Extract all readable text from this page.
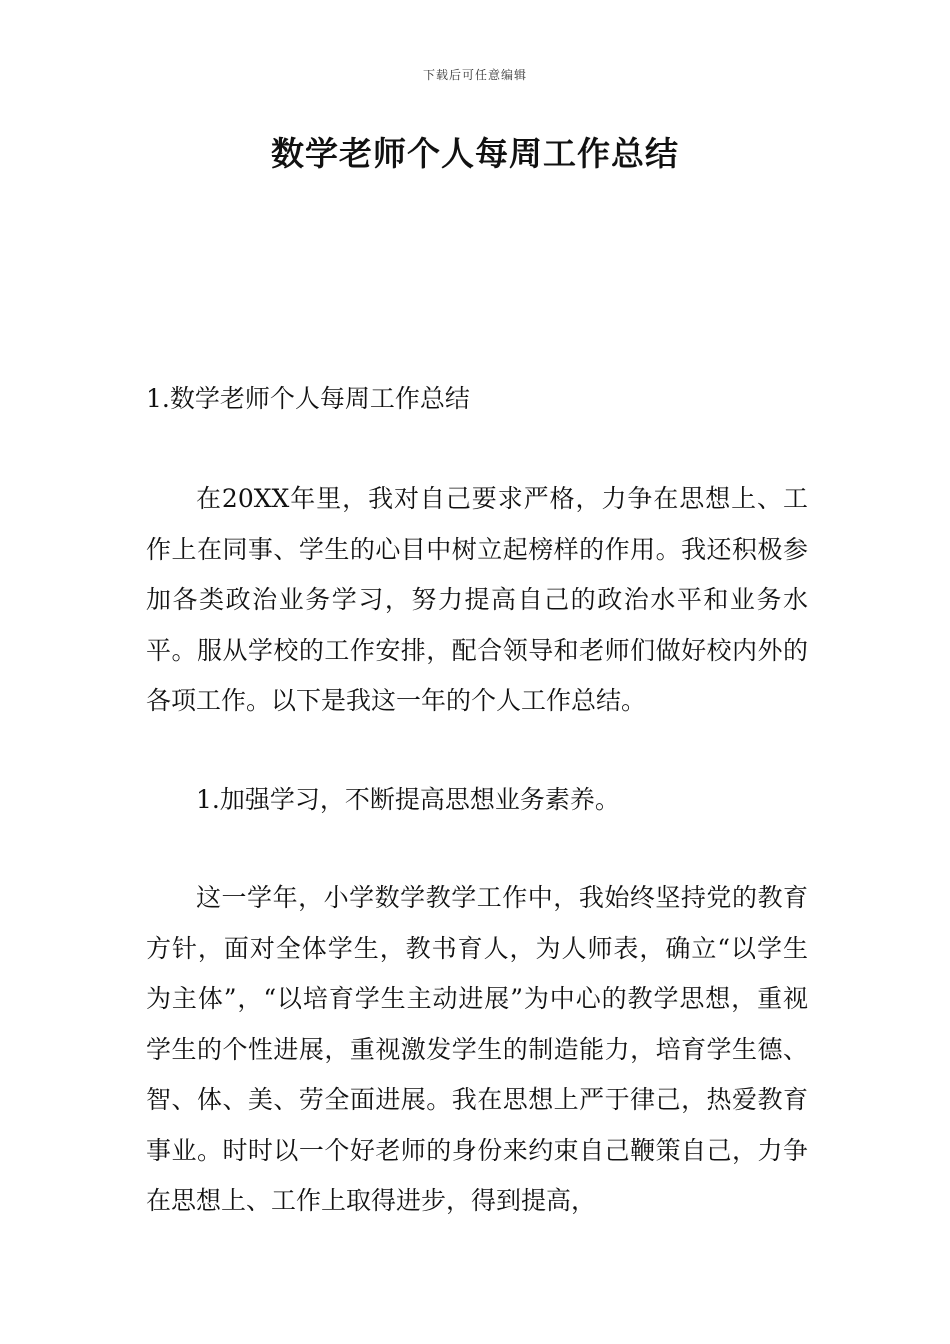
下载后可任意编辑
数学老师个人每周工作总结
1.数学老师个人每周工作总结

在20XX年里，我对自己要求严格，力争在思想上、工作上在同事、学生的心目中树立起榜样的作用。我还积极参加各类政治业务学习，努力提高自己的政治水平和业务水平。服从学校的工作安排，配合领导和老师们做好校内外的各项工作。以下是我这一年的个人工作总结。

1.加强学习，不断提高思想业务素养。

这一学年，小学数学教学工作中，我始终坚持党的教育方针，面对全体学生，教书育人，为人师表，确立“以学生为主体”，“以培育学生主动进展”为中心的教学思想，重视学生的个性进展，重视激发学生的制造能力，培育学生德、智、体、美、劳全面进展。我在思想上严于律己，热爱教育事业。时时以一个好老师的身份来约束自己鞭策自己，力争在思想上、工作上取得进步，得到提高，
